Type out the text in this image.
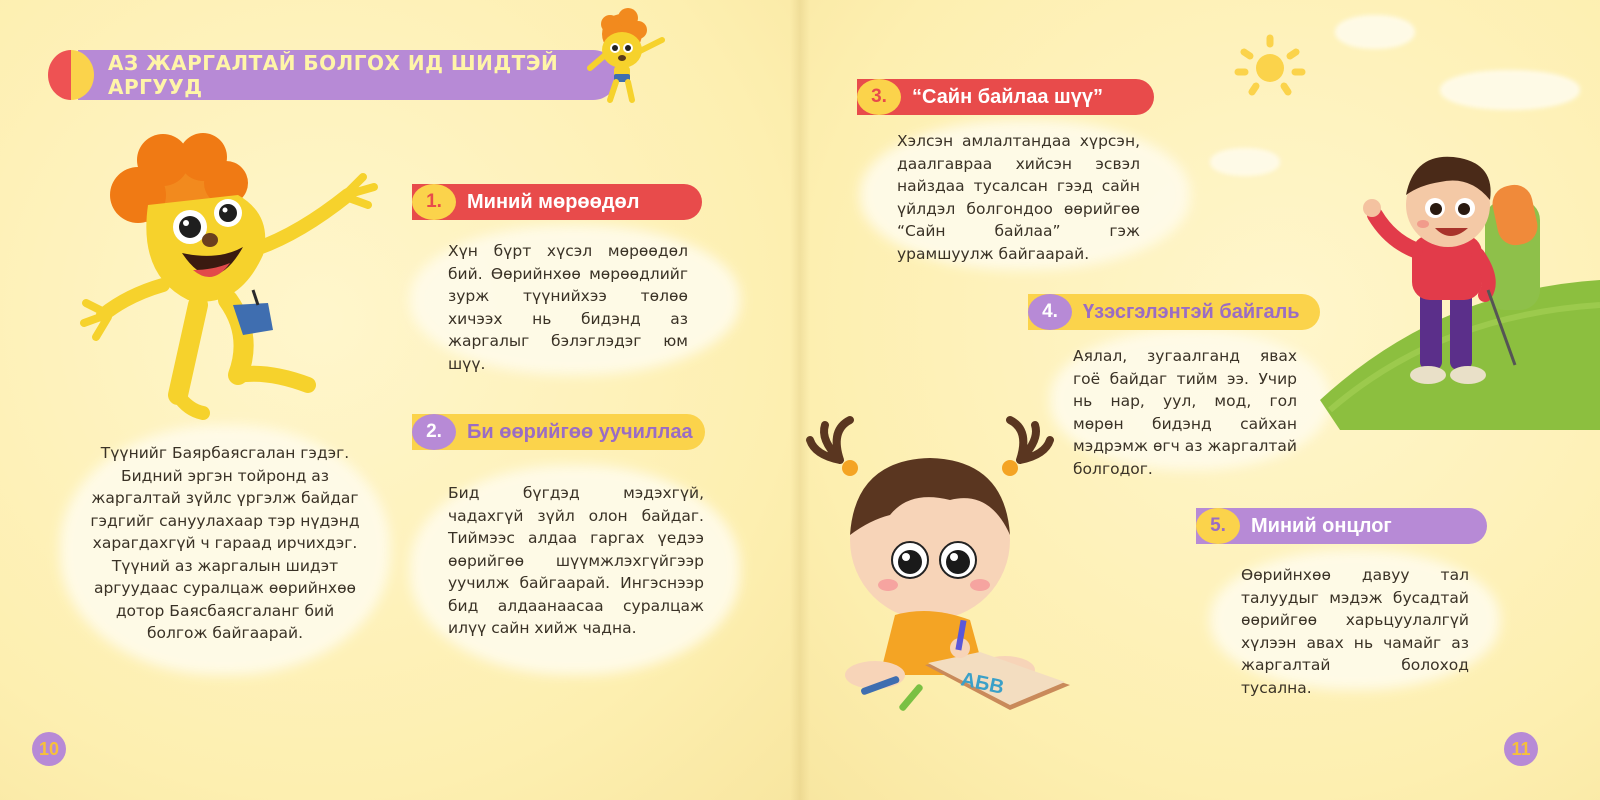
АЗ ЖАРГАЛТАЙ БОЛГОХ ИД ШИДТЭЙ АРГУУД
1.	Миний мөрөөдөл
Хүн бүрт хүсэл мөрөөдөл бий. Өөрийнхөө мөрөөдлийг зурж түүнийхээ төлөө хичээх нь бидэнд аз жаргалыг бэлэглэдэг юм шүү.
2.	Би өөрийгөө уучиллаа
Бид бүгдэд мэдэхгүй, чадахгүй зүйл олон байдаг. Тиймээс алдаа гаргах үедээ өөрийгөө шүүмжлэхгүйгээр уучилж байгаарай. Ингэснээр бид алдаанаасаа суралцаж илүү сайн хийж чадна.
Түүнийг Баярбаясгалан гэдэг. Бидний эргэн тойронд аз жаргалтай зүйлс үргэлж байдаг гэдгийг сануулахаар тэр нүдэнд харагдахгүй ч гараад ирчихдэг. Түүний аз жаргалын шидэт аргуудаас суралцаж өөрийнхөө дотор Баясбаясгаланг бий болгож байгаарай.
10
АБВ
3.	“Сайн байлаа шүү”
Хэлсэн амлалтандаа хүрсэн, даалгавраа хийсэн эсвэл найздаа тусалсан гээд сайн үйлдэл болгондоо өөрийгөө “Сайн байлаа” гэж урамшуулж байгаарай.
4.	Үзэсгэлэнтэй байгаль
Аялал, зугаалганд явах гоё байдаг тийм ээ. Учир нь нар, уул, мод, гол мөрөн бидэнд сайхан мэдрэмж өгч аз жаргалтай болгодог.
5.	Миний онцлог
Өөрийнхөө давуу тал талуудыг мэдэж бусадтай өөрийгөө харьцуулалгүй хүлээн авах нь чамайг аз жаргалтай болоход тусална.
11
